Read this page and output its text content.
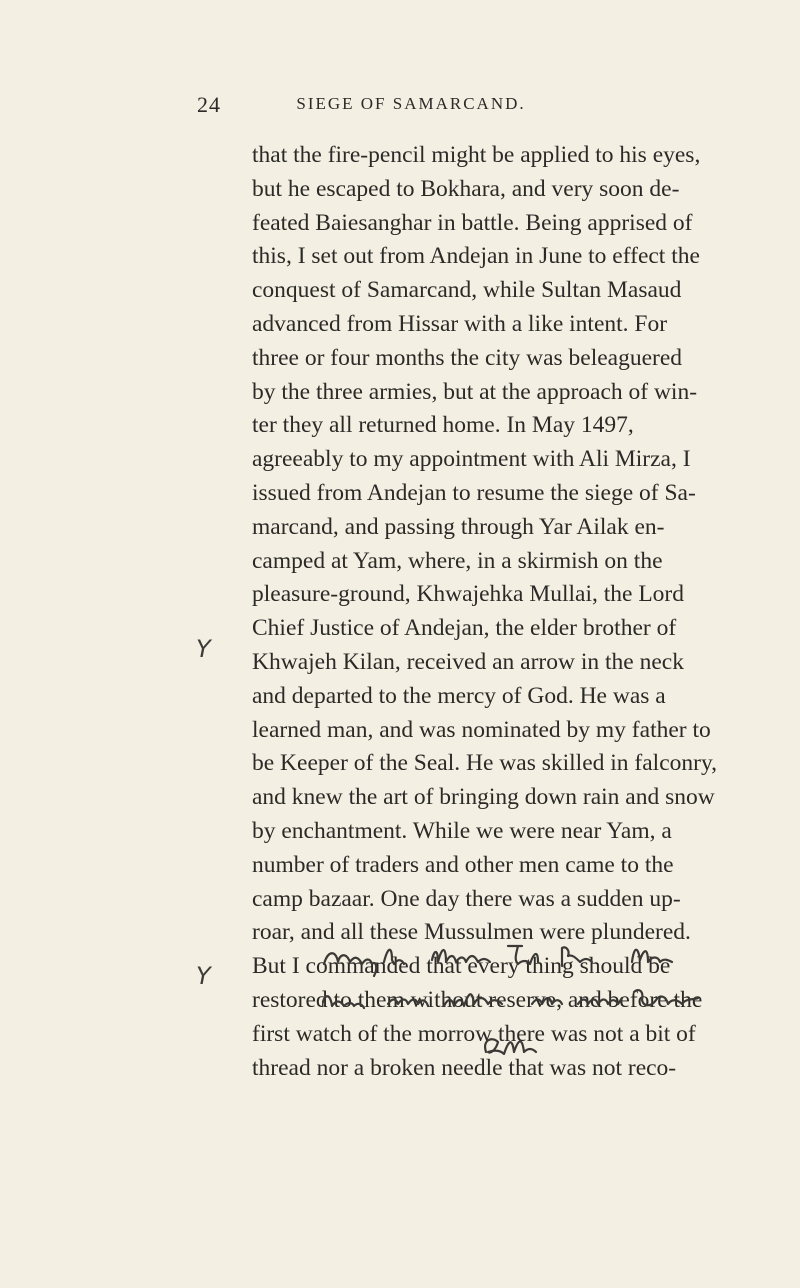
24	SIEGE OF SAMARCAND.
that the fire-pencil might be applied to his eyes,
but he escaped to Bokhara, and very soon de-
feated Baiesanghar in battle. Being apprised of
this, I set out from Andejan in June to effect the
conquest of Samarcand, while Sultan Masaud
advanced from Hissar with a like intent. For
three or four months the city was beleaguered
by the three armies, but at the approach of win-
ter they all returned home. In May 1497,
agreeably to my appointment with Ali Mirza, I
issued from Andejan to resume the siege of Sa-
marcand, and passing through Yar Ailak en-
camped at Yam, where, in a skirmish on the
pleasure-ground, Khwajehka Mullai, the Lord
Chief Justice of Andejan, the elder brother of
Khwajeh Kilan, received an arrow in the neck
and departed to the mercy of God. He was a
learned man, and was nominated by my father to
be Keeper of the Seal. He was skilled in falconry,
and knew the art of bringing down rain and snow
by enchantment. While we were near Yam, a
number of traders and other men came to the
camp bazaar. One day there was a sudden up-
roar, and all these Mussulmen were plundered.
But I commanded that every thing should be
restored to them without reserve, and before the
first watch of the morrow there was not a bit of
thread nor a broken needle that was not reco-
Y
Y
